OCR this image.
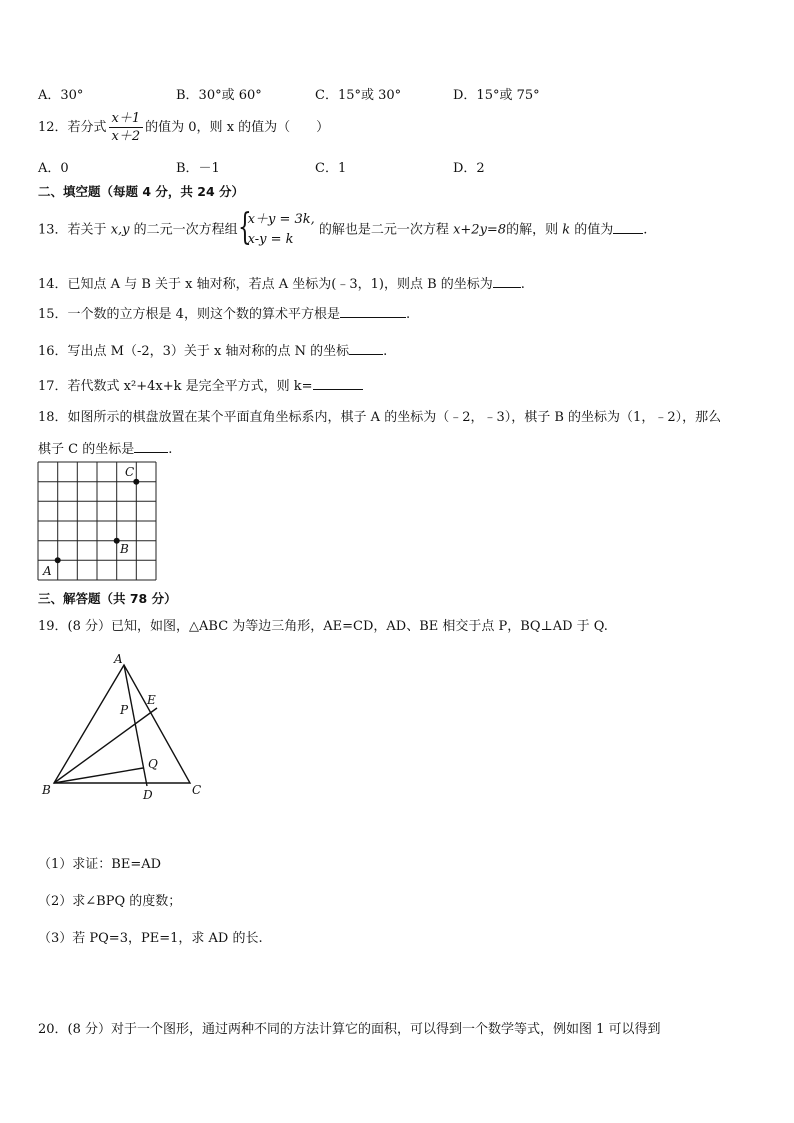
A．30°	B．30°或 60°	C．15°或 30°	D．15°或 75°
12．若分式 $\frac{x+1}{x+2}$ 的值为 0，则 x 的值为（　　）
A．0	B．－1	C．1	D．2
二、填空题（每题 4 分，共 24 分）
13．若关于 x,y 的二元一次方程组 {
x＋y = 3k,
x-y = k
的解也是二元一次方程 x+2y=8的解，则 k 的值为 .
14．已知点 A 与 B 关于 x 轴对称，若点 A 坐标为(﹣3，1)，则点 B 的坐标为 .
15．一个数的立方根是 4，则这个数的算术平方根是	.
16．写出点 M（-2，3）关于 x 轴对称的点 N 的坐标	.
17．若代数式 x²+4x+k 是完全平方式，则 k=
18．如图所示的棋盘放置在某个平面直角坐标系内，棋子 A 的坐标为（﹣2，﹣3），棋子 B 的坐标为（1，﹣2），那么
棋子 C 的坐标是	.
A
B
C
三、解答题（共 78 分）
19．(8 分）已知，如图，△ABC 为等边三角形，AE=CD，AD、BE 相交于点 P，BQ⊥AD 于 Q.
A
B	C
D
E
P
Q
（1）求证：BE=AD
（2）求∠BPQ 的度数；
（3）若 PQ=3，PE=1，求 AD 的长.
20．(8 分）对于一个图形，通过两种不同的方法计算它的面积，可以得到一个数学等式，例如图 1 可以得到
